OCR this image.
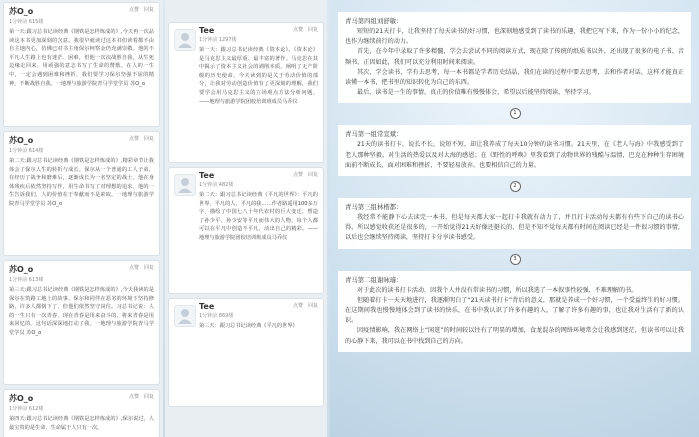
苏O_o
1分钟前 615楼
点赞 回复
第一天:跟习总书记读经典《钢铁是怎样炼成的》,今天再一次品读这本书更加深刻的含意。我很早就读过这本书但读着都不由自主地内心，仿佛已对书主角保尔柯察金仍充满崇敬。他的不平凡人生路上也有迷茫、困难，但他一次次战胜自我，从生死边缘走回来，用顽强的意志书写了生命的赞歌。在人的一生中，一定会遇到困难和挫折，我们要学习保尔坚强不屈的精神，不断战胜自我。一地理与旅游学院青马学堂学员 苏O_o
苏O_o
1分钟前 614楼
点赞 回复
第二天:跟习总书记读经典《钢铁是怎样炼成的》,精彩章节让我体会了保尔人生的转折与成长。保尔从一个普通的工人子弟，在经历了战争和磨难后，逐渐成长为一名坚定的战士。他在身体残疾后依然坚持写作，用生命书写了对理想的追求。他的一生告诉我们，人的价值在于奉献而不是索取。一地理与旅游学院青马学堂学员 苏O_o
苏O_o
1分钟前 613楼
点赞 回复
第三天:跟习总书记读经典《钢铁是怎样炼成的》,今天我读的是保尔在筑路工地上的故事。保尔和同伴在恶劣的环境下坚持修路，许多人都倒下了，但他们依然坚守岗位。习总书记说：人的一生只有一次青春，现在青春是用来奋斗的，将来青春是用来回忆的。这句话深深地打动了我。一地理与旅游学院青马学堂学员 苏O_o
苏O_o
1分钟前 612楼
点赞 回复
第四天:跟习总书记读经典《钢铁是怎样炼成的》,保尔说过，人最宝贵的是生命，生命属于人只有一次。
Tee
1分钟前 1297楼
点赞 回复
第一天：跟习总书记读经典《资本论》。《资本论》是马克思主义最厚重、最丰富的著作。马克思在其中揭示了资本主义社会的剥削本质，阐明了无产阶级的历史使命。今天读到的是关于劳动价值的部分，让我对劳动创造价值有了更深刻的理解，我们要学会用马克思主义的立场观点方法分析问题。——地理与旅游学院团校培训班成员马乔仪
Tee
1分钟前 482楼
点赞 回复
第二天：跟习总书记读经典《平凡的世界》：平凡的世界，平凡的人，平凡的我……作者路遥用100多万字，描绘了中国七八十年代农村的巨大变迁，塑造了孙少平、孙少安等平凡而伟大的人物。每个人都可以在平凡中创造不平凡，活出自己的精彩。——地理与旅游学院团校培训班成员马乔仪
Tee
1分钟前 869楼
点赞 回复
第三天：跟习总书记读经典《平凡的世界》
青马第四组刘舒敏：

短短的21天打卡，让我坚持了每天读书的好习惯，也深刻地感受到了读书的乐趣，我把它写下来，作为一份小小的纪念，也作为继续前行的动力。

首先，在今年中录取了许多精髓，学会去尝试不同的阅读方式，现在除了传统的纸质书以外，还出现了很多的电子书、音频书，正因如此，我们可以充分利用时间来阅读。

其次，学会读书，学有去思考，每一本书都是学者历史结晶，我们在读的过程中要去思考，去和作者对话，这样才能真正读懂一本书，把书里的知识转化为自己的东西。

最后，读书是一生的事情，真正的价值唯有慢慢体会，希望以后能坚持阅读，坚持学习。

1
青马第一组常宣斌：

21天的读书打卡，说长不长，说短不短，却让我养成了每天10分钟的读书习惯。21天里，在《老人与海》中我感受到了老人那种坚毅、对生活的热爱以及对大海的感恩；在《野性的呼唤》里我看到了动物世界的残酷与温情，巴克在种种生存困境面前不断成长，面对困难和挫折，不要轻易放弃，也要相信自己的力量。

2
青马第三组林楷都：

我经常不能静下心去读完一本书，但是每天都大家一起打卡我就有动力了，并且打卡活动每天都有有些下自己的读书心得，所以感觉收获还是很多的，一开始觉得21天好像还挺长的，但是不知不觉每天都有时间在阅读已经是一件很习惯的事情，以后也会继续坚持阅读，坚持打卡分享读书感受。

3
青马第二组谢咏璿：

对于此次的读书打卡活动，因我个人并没有常读书的习惯，所以我选了一本叙事性较强、不难理解的书。

但随着打卡一天天地进行，我逐渐明白了“21天读书打卡”背后的意义，那就是养成一个好习惯，一个受益终生的好习惯。在这期间我也慢慢地体会到了读书的快乐，在书中我认识了许多有趣的人，了解了许多有趣的事，也让我对生活有了新的认识。

因疫情影响，我在网络上“闲逛”的时间较以往有了明显的增加，食龙混杂的网络环境常会让我感到迷茫，但读书可以让我的心静下来，我可以在书中找到自己的方向。
